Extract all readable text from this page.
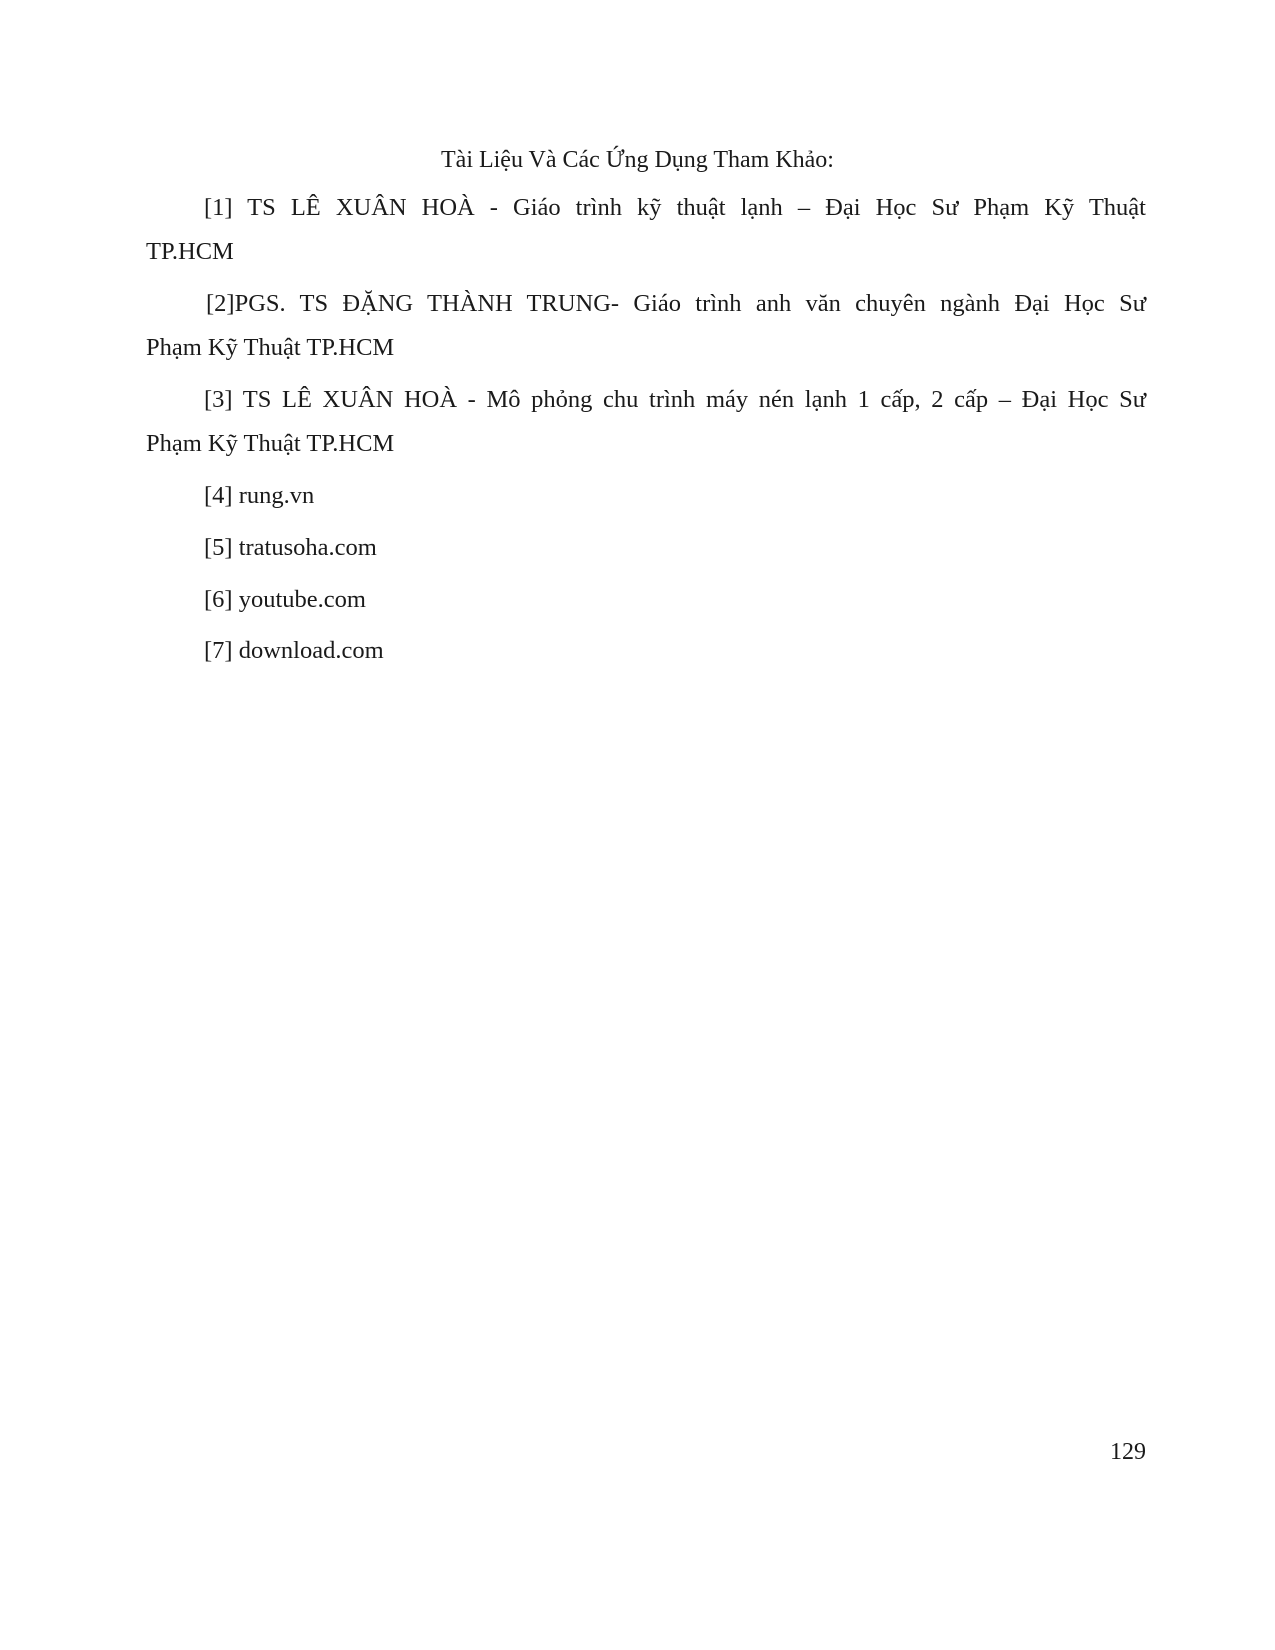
Tài Liệu Và Các Ứng Dụng Tham Khảo:
[1] TS LÊ XUÂN HOÀ - Giáo trình kỹ thuật lạnh – Đại Học Sư Phạm Kỹ Thuật
TP.HCM
[2]PGS. TS ĐẶNG THÀNH TRUNG- Giáo trình anh văn chuyên ngành Đại Học Sư
Phạm Kỹ Thuật TP.HCM
[3] TS LÊ XUÂN HOÀ - Mô phỏng chu trình máy nén lạnh 1 cấp, 2 cấp – Đại Học Sư
Phạm Kỹ Thuật TP.HCM

[4] rung.vn

[5] tratusoha.com

[6] youtube.com

[7] download.com

129
